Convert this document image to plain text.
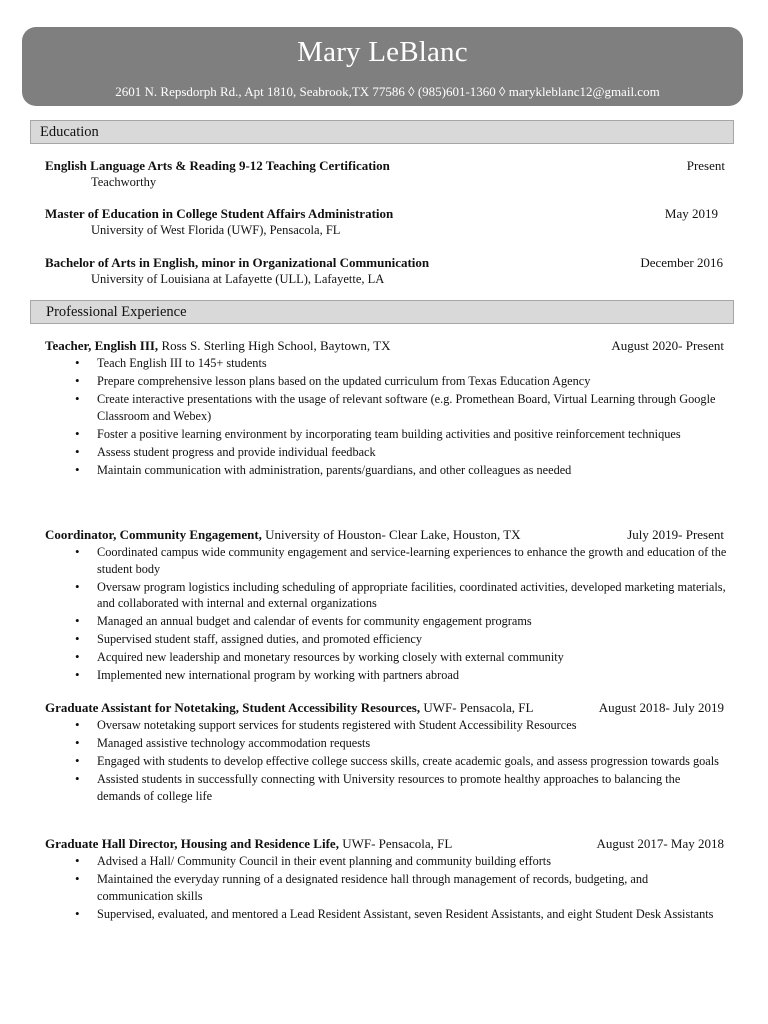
Mary LeBlanc
2601 N. Repsdorph Rd., Apt 1810, Seabrook,TX 77586 ◊ (985)601-1360 ◊ marykleblanc12@gmail.com
Education
English Language Arts & Reading 9-12 Teaching Certification	Present
Teachworthy
Master of Education in College Student Affairs Administration	May 2019
University of West Florida (UWF), Pensacola, FL
Bachelor of Arts in English, minor in Organizational Communication	December 2016
University of Louisiana at Lafayette (ULL), Lafayette, LA
Professional Experience
Teacher, English III, Ross S. Sterling High School, Baytown, TX	August 2020- Present
• Teach English III to 145+ students
• Prepare comprehensive lesson plans based on the updated curriculum from Texas Education Agency
• Create interactive presentations with the usage of relevant software (e.g. Promethean Board, Virtual Learning through Google Classroom and Webex)
• Foster a positive learning environment by incorporating team building activities and positive reinforcement techniques
• Assess student progress and provide individual feedback
• Maintain communication with administration, parents/guardians, and other colleagues as needed
Coordinator, Community Engagement, University of Houston- Clear Lake, Houston, TX	July 2019- Present
• Coordinated campus wide community engagement and service-learning experiences to enhance the growth and education of the student body
• Oversaw program logistics including scheduling of appropriate facilities, coordinated activities, developed marketing materials, and collaborated with internal and external organizations
• Managed an annual budget and calendar of events for community engagement programs
• Supervised student staff, assigned duties, and promoted efficiency
• Acquired new leadership and monetary resources by working closely with external community
• Implemented new international program by working with partners abroad
Graduate Assistant for Notetaking, Student Accessibility Resources, UWF- Pensacola, FL	August 2018- July 2019
• Oversaw notetaking support services for students registered with Student Accessibility Resources
• Managed assistive technology accommodation requests
• Engaged with students to develop effective college success skills, create academic goals, and assess progression towards goals
• Assisted students in successfully connecting with University resources to promote healthy approaches to balancing the demands of college life
Graduate Hall Director, Housing and Residence Life, UWF- Pensacola, FL	August 2017- May 2018
• Advised a Hall/ Community Council in their event planning and community building efforts
• Maintained the everyday running of a designated residence hall through management of records, budgeting, and communication skills
• Supervised, evaluated, and mentored a Lead Resident Assistant, seven Resident Assistants, and eight Student Desk Assistants
